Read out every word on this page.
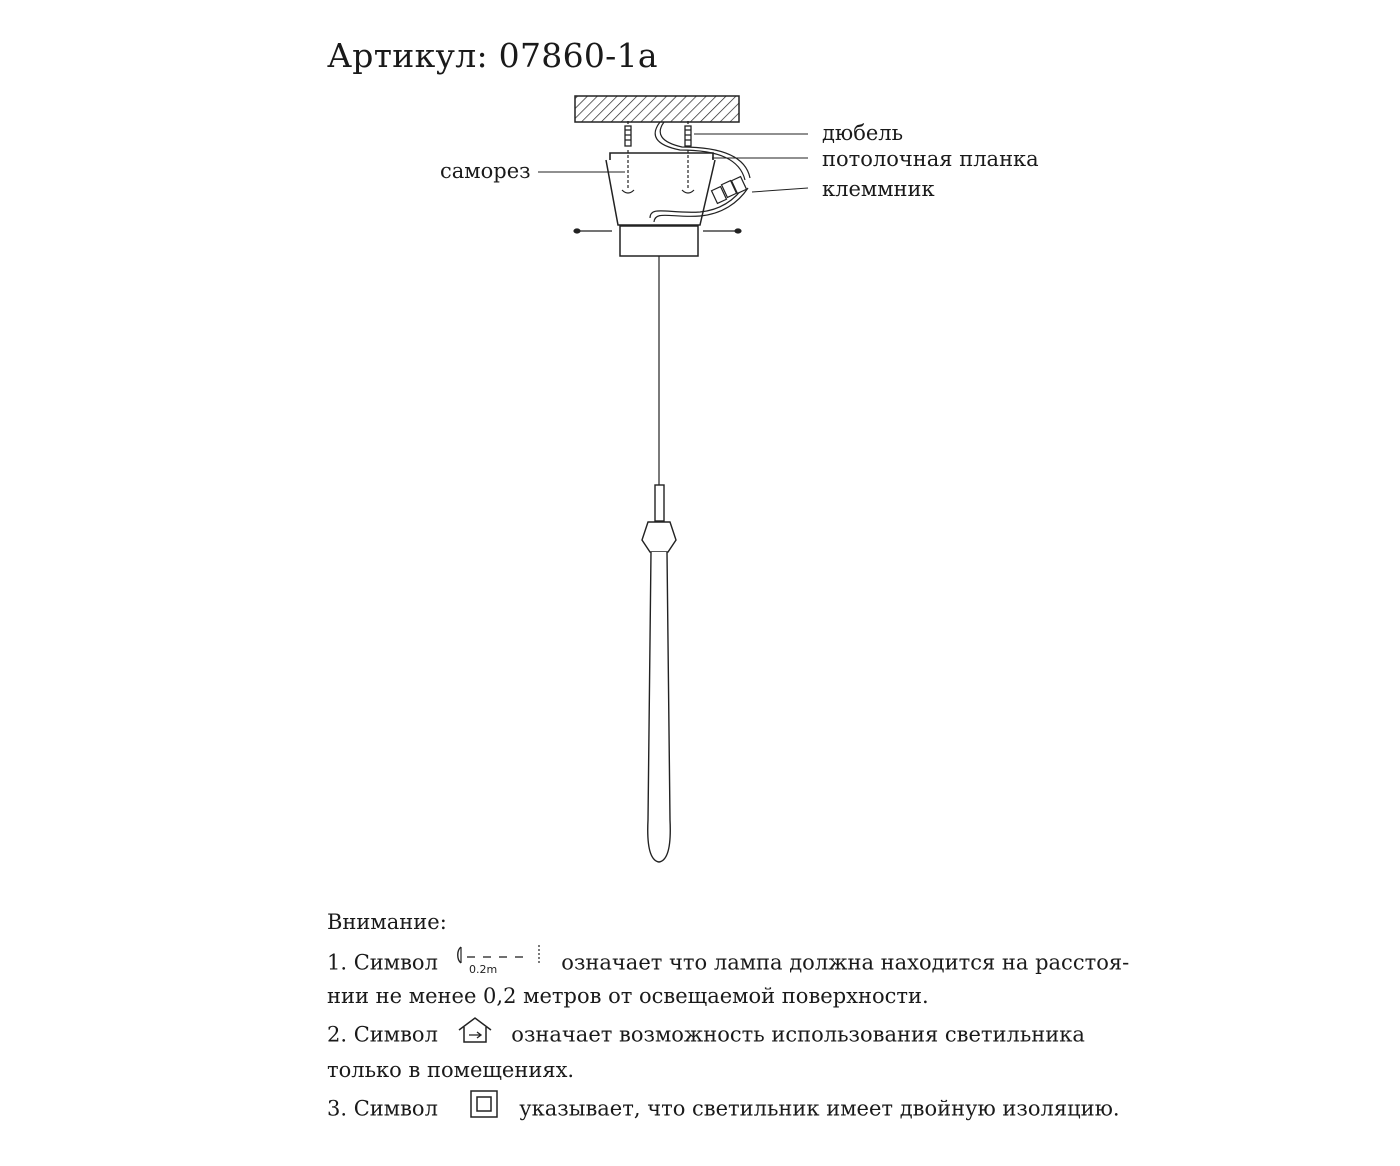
Артикул: 07860-1a
дюбель
потолочная планка
клеммник
саморез
Внимание:
1. Символ	0.2m	означает что лампа должна находится на расстоя-
нии не менее 0,2 метров от освещаемой поверхности.
2. Символ	означает возможность использования светильника
только в помещениях.
3. Символ	указывает, что светильник имеет двойную изоляцию.
